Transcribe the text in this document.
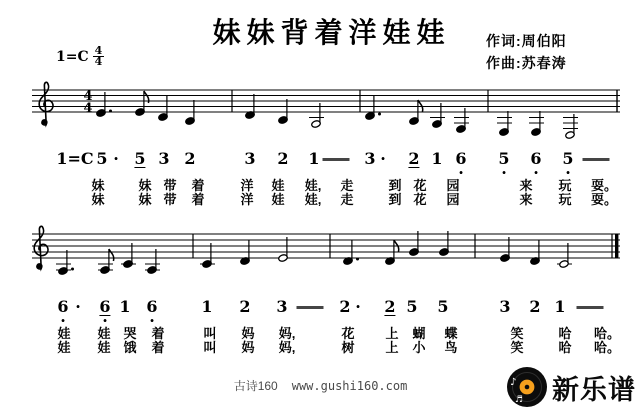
妹妹背着洋娃娃
$1=C \frac{4}{4}$
作词:周伯阳
作曲:苏春涛
4
4
1=C 5 · 5 3 2	3 2 1	3 · 2 1 6 · 5 · 6 · 5 ·
6 · · 6 · 1 6 ·	1 2 3	2 · 2 5 5	3 2 1
妹	妹 带 着	洋 娃 娃, 走	到 花 园	来 玩 耍。
妹	妹 带 着	洋 娃 娃, 走	到 花 园	来 玩 耍。
娃 娃 哭 着	叫 妈 妈,	花 上 蝴 蝶	笑	哈 哈。
娃 娃 饿 着	叫 妈 妈,	树 上 小 鸟	笑	哈 哈。
古诗160 www.gushi160.com	♪
♬ 新乐谱
